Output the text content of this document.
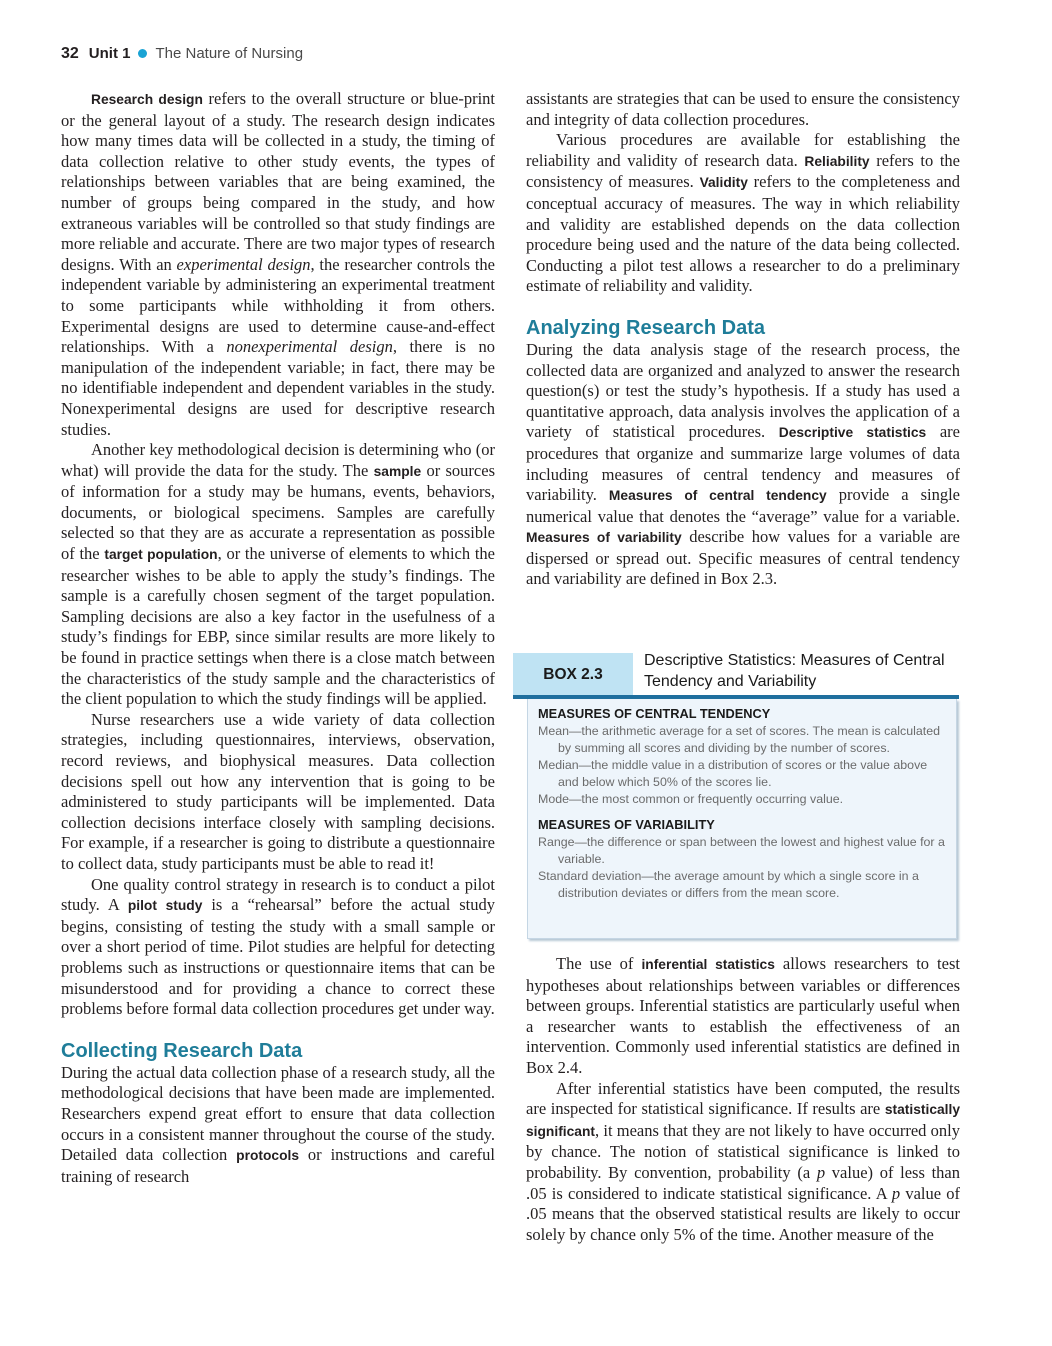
32 Unit 1 The Nature of Nursing

Research design refers to the overall structure or blue-print or the general layout of a study. The research design indicates how many times data will be collected in a study, the timing of data collection relative to other study events, the types of relationships between variables that are being examined, the number of groups being compared in the study, and how extraneous variables will be controlled so that study findings are more reliable and accurate. There are two major types of research designs. With an experimental design, the researcher controls the independent variable by administering an experimental treatment to some participants while withholding it from others. Experimental designs are used to determine cause-and-effect relationships. With a nonexperimental design, there is no manipulation of the independent variable; in fact, there may be no identifiable independent and dependent variables in the study. Nonexperimental designs are used for descriptive research studies.

Another key methodological decision is determining who (or what) will provide the data for the study. The sample or sources of information for a study may be humans, events, behaviors, documents, or biological specimens. Samples are carefully selected so that they are as accurate a representation as possible of the target population, or the universe of elements to which the researcher wishes to be able to apply the study’s findings. The sample is a carefully chosen segment of the target population. Sampling decisions are also a key factor in the usefulness of a study’s findings for EBP, since similar results are more likely to be found in practice settings when there is a close match between the characteristics of the study sample and the characteristics of the client population to which the study findings will be applied.

Nurse researchers use a wide variety of data collection strategies, including questionnaires, interviews, observation, record reviews, and biophysical measures. Data collection decisions spell out how any intervention that is going to be administered to study participants will be implemented. Data collection decisions interface closely with sampling decisions. For example, if a researcher is going to distribute a questionnaire to collect data, study participants must be able to read it!

One quality control strategy in research is to conduct a pilot study. A pilot study is a “rehearsal” before the actual study begins, consisting of testing the study with a small sample or over a short period of time. Pilot studies are helpful for detecting problems such as instructions or questionnaire items that can be misunderstood and for providing a chance to correct these problems before formal data collection procedures get under way.

Collecting Research Data

During the actual data collection phase of a research study, all the methodological decisions that have been made are implemented. Researchers expend great effort to ensure that data collection occurs in a consistent manner throughout the course of the study. Detailed data collection protocols or instructions and careful training of research

assistants are strategies that can be used to ensure the consistency and integrity of data collection procedures.

Various procedures are available for establishing the reliability and validity of research data. Reliability refers to the consistency of measures. Validity refers to the completeness and conceptual accuracy of measures. The way in which reliability and validity are established depends on the data collection procedure being used and the nature of the data being collected. Conducting a pilot test allows a researcher to do a preliminary estimate of reliability and validity.

Analyzing Research Data

During the data analysis stage of the research process, the collected data are organized and analyzed to answer the research question(s) or test the study’s hypothesis. If a study has used a quantitative approach, data analysis involves the application of a variety of statistical procedures. Descriptive statistics are procedures that organize and summarize large volumes of data including measures of central tendency and measures of variability. Measures of central tendency provide a single numerical value that denotes the “average” value for a variable. Measures of variability describe how values for a variable are dispersed or spread out. Specific measures of central tendency and variability are defined in Box 2.3.

The use of inferential statistics allows researchers to test hypotheses about relationships between variables or differences between groups. Inferential statistics are particularly useful when a researcher wants to establish the effectiveness of an intervention. Commonly used inferential statistics are defined in Box 2.4.

After inferential statistics have been computed, the results are inspected for statistical significance. If results are statistically significant, it means that they are not likely to have occurred only by chance. The notion of statistical significance is linked to probability. By convention, probability (a p value) of less than .05 is considered to indicate statistical significance. A p value of .05 means that the observed statistical results are likely to occur solely by chance only 5% of the time. Another measure of the

BOX 2.3
Descriptive Statistics: Measures of Central Tendency and Variability

MEASURES OF CENTRAL TENDENCY

Mean—the arithmetic average for a set of scores. The mean is calculated by summing all scores and dividing by the number of scores.

Median—the middle value in a distribution of scores or the value above and below which 50% of the scores lie.

Mode—the most common or frequently occurring value.

MEASURES OF VARIABILITY

Range—the difference or span between the lowest and highest value for a variable.

Standard deviation—the average amount by which a single score in a distribution deviates or differs from the mean score.
